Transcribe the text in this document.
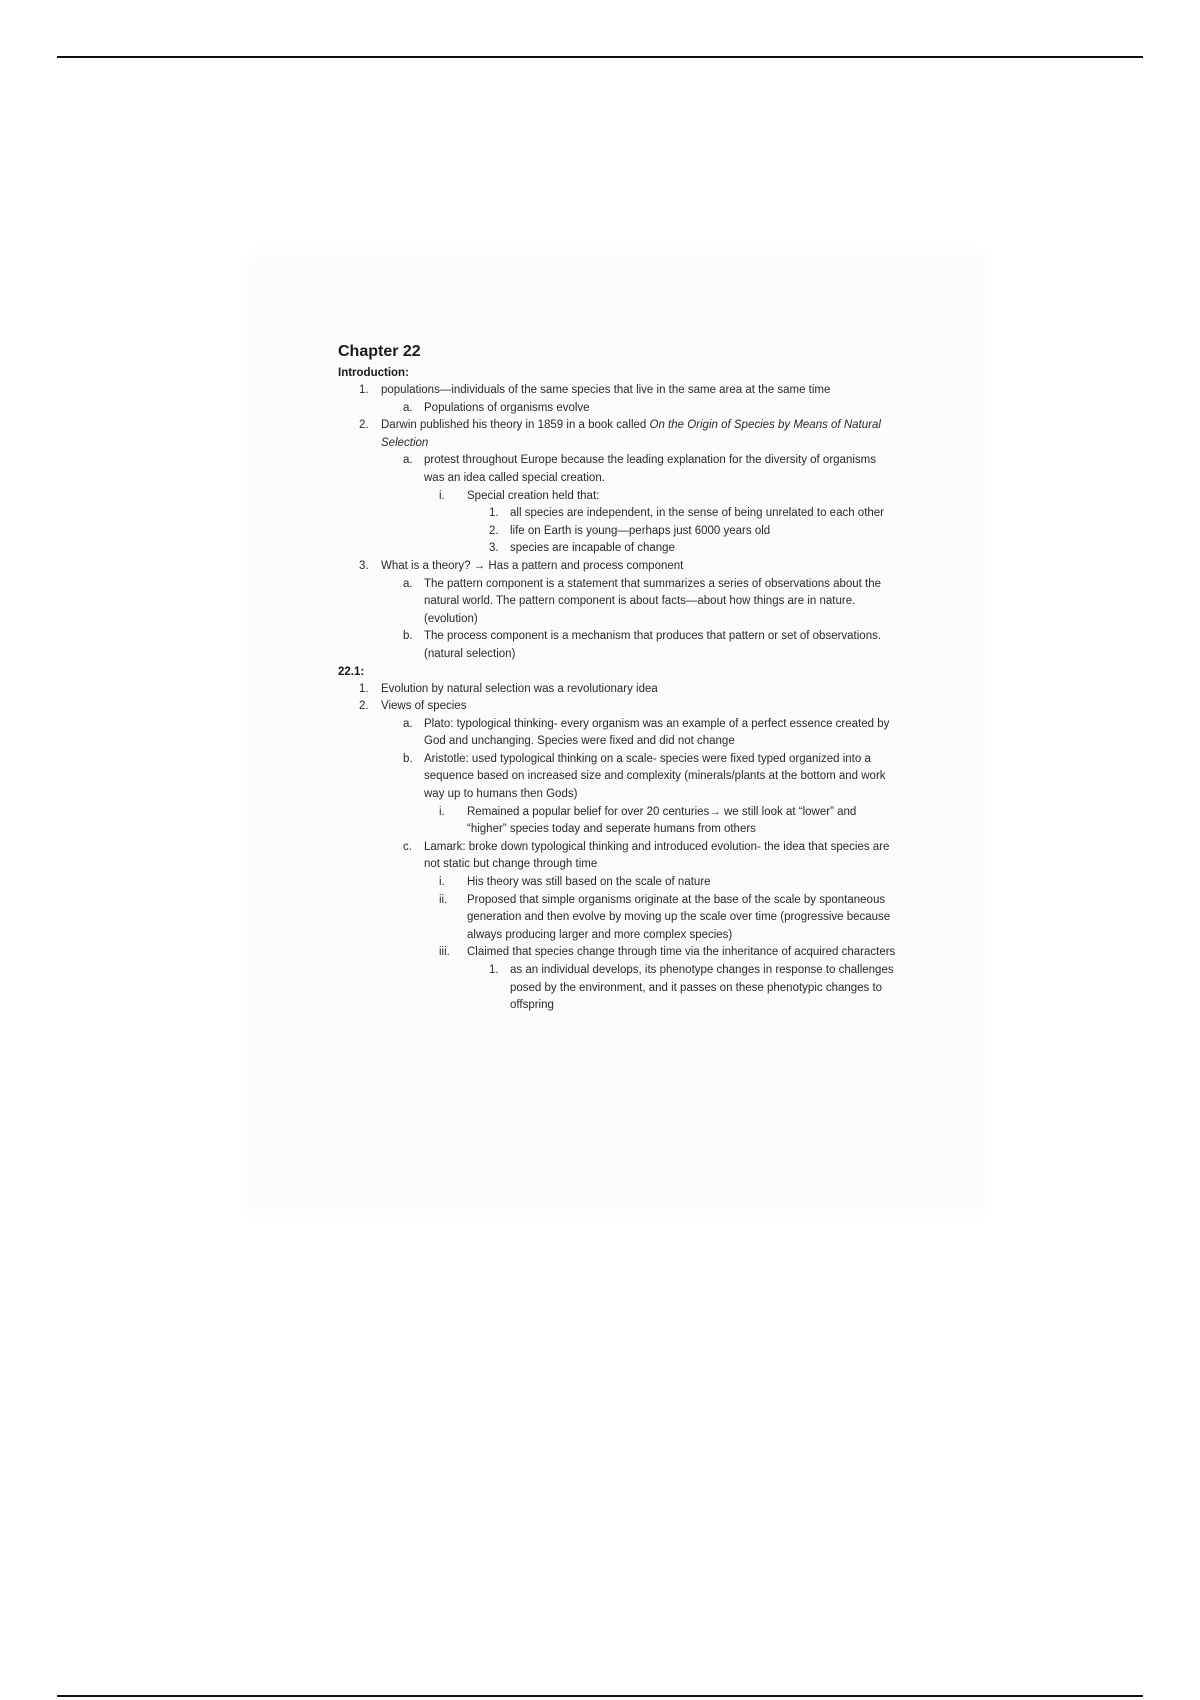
Chapter 22
Introduction:
1. populations—individuals of the same species that live in the same area at the same time
a. Populations of organisms evolve
2. Darwin published his theory in 1859 in a book called On the Origin of Species by Means of Natural Selection
a. protest throughout Europe because the leading explanation for the diversity of organisms was an idea called special creation.
i. Special creation held that:
1. all species are independent, in the sense of being unrelated to each other
2. life on Earth is young—perhaps just 6000 years old
3. species are incapable of change
3. What is a theory? → Has a pattern and process component
a. The pattern component is a statement that summarizes a series of observations about the natural world. The pattern component is about facts—about how things are in nature. (evolution)
b. The process component is a mechanism that produces that pattern or set of observations. (natural selection)
22.1:
1. Evolution by natural selection was a revolutionary idea
2. Views of species
a. Plato: typological thinking- every organism was an example of a perfect essence created by God and unchanging. Species were fixed and did not change
b. Aristotle: used typological thinking on a scale- species were fixed typed organized into a sequence based on increased size and complexity (minerals/plants at the bottom and work way up to humans then Gods)
i. Remained a popular belief for over 20 centuries→ we still look at “lower” and “higher” species today and seperate humans from others
c. Lamark: broke down typological thinking and introduced evolution- the idea that species are not static but change through time
i. His theory was still based on the scale of nature
ii. Proposed that simple organisms originate at the base of the scale by spontaneous generation and then evolve by moving up the scale over time (progressive because always producing larger and more complex species)
iii. Claimed that species change through time via the inheritance of acquired characters
1. as an individual develops, its phenotype changes in response to challenges posed by the environment, and it passes on these phenotypic changes to offspring
